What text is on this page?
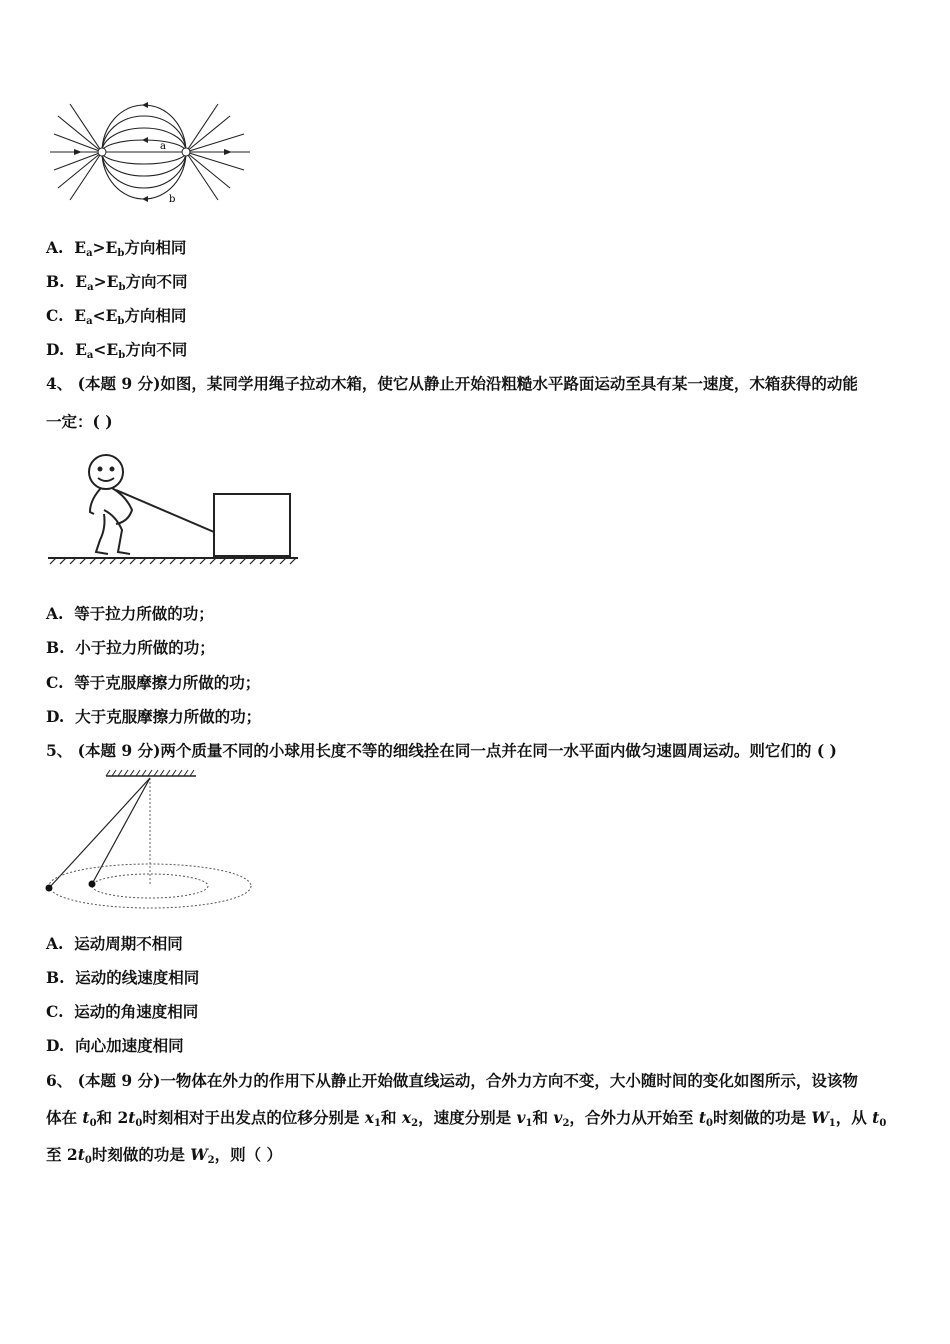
a
b
A. $E_a>E_b$方向相同
B. $E_a>E_b$方向不同
C. $E_a<E_b$方向相同
D. $E_a<E_b$方向不同
4、 (本题 9 分)如图，某同学用绳子拉动木箱，使它从静止开始沿粗糙水平路面运动至具有某一速度，木箱获得的动能
一定：( )
A. 等于拉力所做的功；
B. 小于拉力所做的功；
C. 等于克服摩擦力所做的功；
D. 大于克服摩擦力所做的功；
5、 (本题 9 分)两个质量不同的小球用长度不等的细线拴在同一点并在同一水平面内做匀速圆周运动。则它们的 ( )
A. 运动周期不相同
B. 运动的线速度相同
C. 运动的角速度相同
D. 向心加速度相同
6、 (本题 9 分)一物体在外力的作用下从静止开始做直线运动，合外力方向不变，大小随时间的变化如图所示，设该物
体在 $t_0$和 $2t_0$时刻相对于出发点的位移分别是 $x_1$和 $x_2$，速度分别是 $v_1$和 $v_2$，合外力从开始至 $t_0$时刻做的功是 $W_1$，从 $t_0$
至 $2t_0$时刻做的功是 $W_2$，则（ ）
